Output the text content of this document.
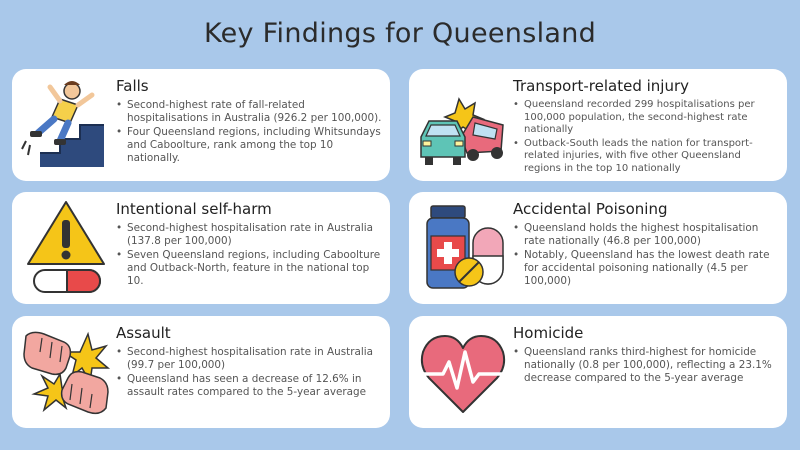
Key Findings for Queensland
Falls
• Second-highest rate of fall-related hospitalisations in Australia (926.2 per 100,000).
• Four Queensland regions, including Whitsundays and Caboolture, rank among the top 10 nationally.
Transport-related injury
• Queensland recorded 299 hospitalisations per 100,000 population, the second-highest rate nationally
• Outback-South leads the nation for transport-related injuries, with five other Queensland regions in the top 10 nationally
Intentional self-harm
• Second-highest hospitalisation rate in Australia (137.8 per 100,000)
• Seven Queensland regions, including Caboolture and Outback-North, feature in the national top 10.
Accidental Poisoning
• Queensland holds the highest hospitalisation rate nationally (46.8 per 100,000)
• Notably, Queensland has the lowest death rate for accidental poisoning nationally (4.5 per 100,000)
Assault
• Second-highest hospitalisation rate in Australia (99.7 per 100,000)
• Queensland has seen a decrease of 12.6% in assault rates compared to the 5-year average
Homicide
• Queensland ranks third-highest for homicide nationally (0.8 per 100,000), reflecting a 23.1% decrease compared to the 5-year average
